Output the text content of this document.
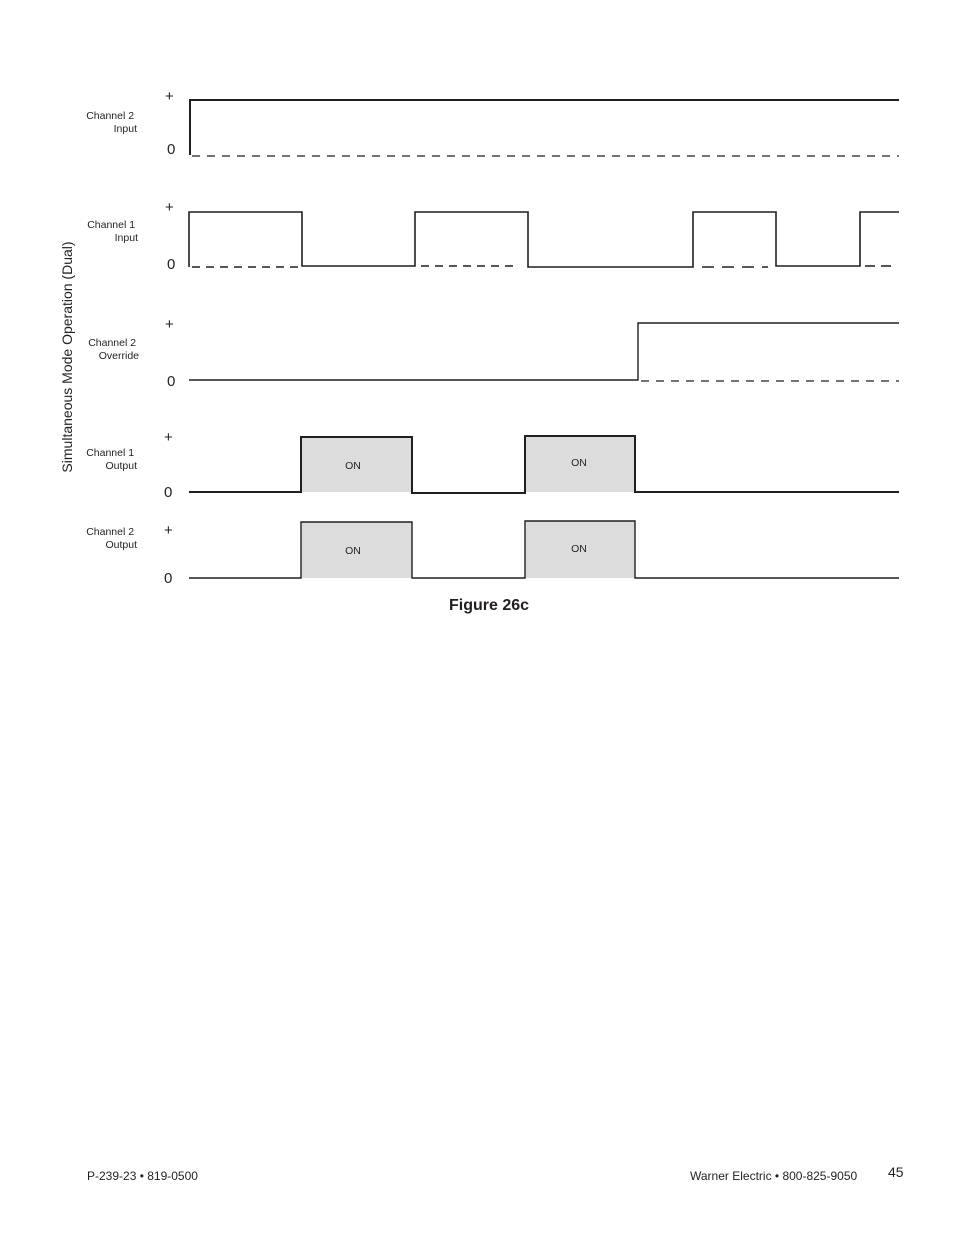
Simultaneous Mode Operation (Dual)
Channel 2 Input
+
0
Channel 1 Input
+
0
Channel 2 Override
+
0
Channel 1 Output
+
0
ON	ON
Channel 2 Output
+
0
ON	ON
Figure 26c
P-239-23 • 819-0500	Warner Electric • 800-825-9050 45
